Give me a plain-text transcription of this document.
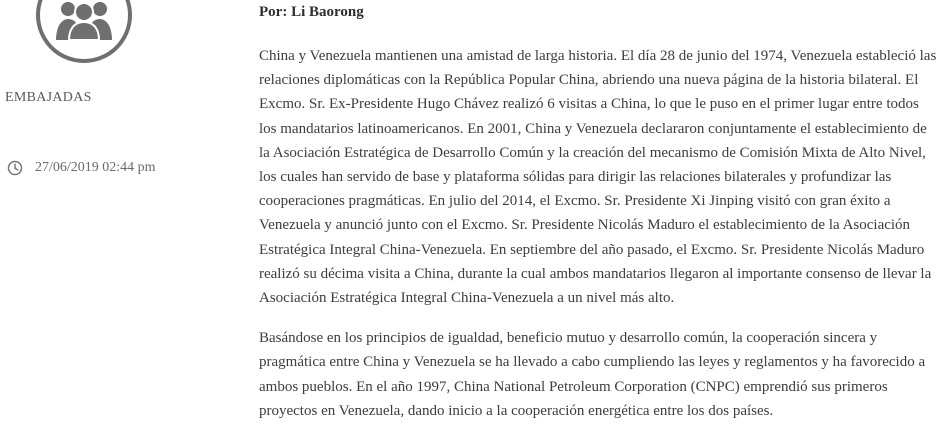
EMBAJADAS
27/06/2019 02:44 pm

Por: Li Baorong

China y Venezuela mantienen una amistad de larga historia. El día 28 de junio del 1974, Venezuela estableció las relaciones diplomáticas con la República Popular China, abriendo una nueva página de la historia bilateral. El Excmo. Sr. Ex-Presidente Hugo Chávez realizó 6 visitas a China, lo que le puso en el primer lugar entre todos los mandatarios latinoamericanos. En 2001, China y Venezuela declararon conjuntamente el establecimiento de la Asociación Estratégica de Desarrollo Común y la creación del mecanismo de Comisión Mixta de Alto Nivel, los cuales han servido de base y plataforma sólidas para dirigir las relaciones bilaterales y profundizar las cooperaciones pragmáticas. En julio del 2014, el Excmo. Sr. Presidente Xi Jinping visitó con gran éxito a Venezuela y anunció junto con el Excmo. Sr. Presidente Nicolás Maduro el establecimiento de la Asociación Estratégica Integral China-Venezuela. En septiembre del año pasado, el Excmo. Sr. Presidente Nicolás Maduro realizó su décima visita a China, durante la cual ambos mandatarios llegaron al importante consenso de llevar la Asociación Estratégica Integral China-Venezuela a un nivel más alto.

Basándose en los principios de igualdad, beneficio mutuo y desarrollo común, la cooperación sincera y pragmática entre China y Venezuela se ha llevado a cabo cumpliendo las leyes y reglamentos y ha favorecido a ambos pueblos. En el año 1997, China National Petroleum Corporation (CNPC) emprendió sus primeros proyectos en Venezuela, dando inicio a la cooperación energética entre los dos países.
